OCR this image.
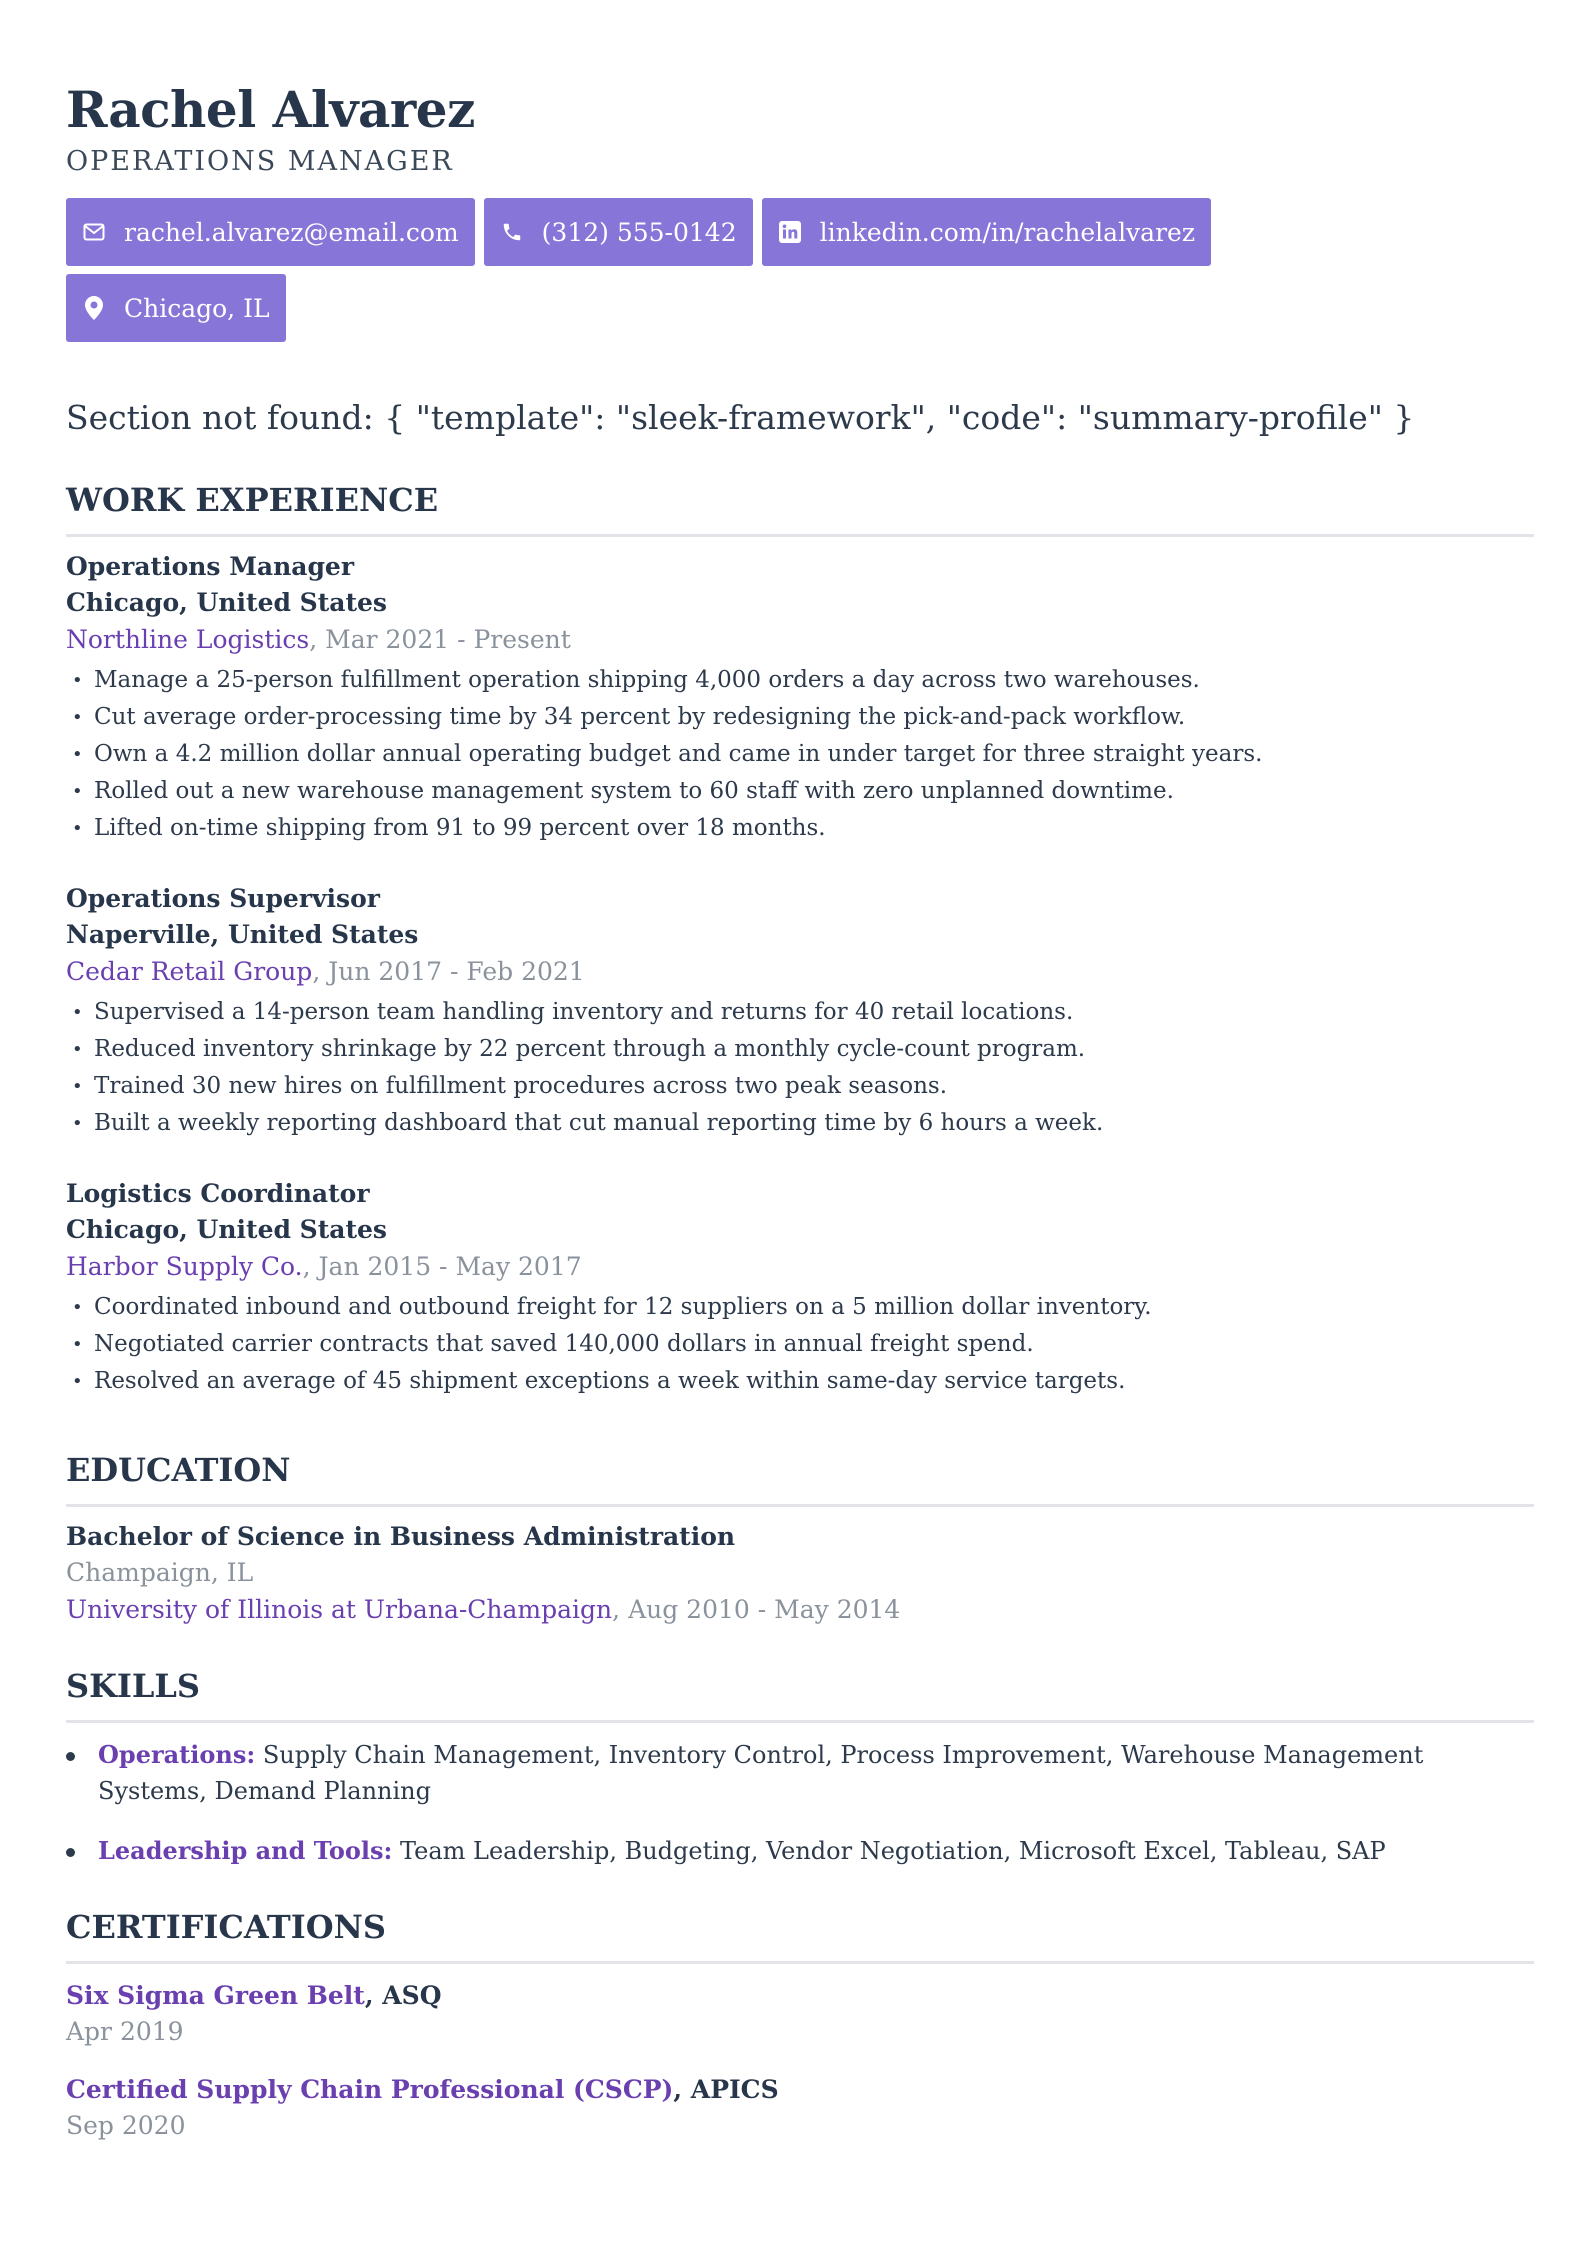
Rachel Alvarez
OPERATIONS MANAGER
rachel.alvarez@email.com	(312) 555-0142	linkedin.com/in/rachelalvarez
Chicago, IL
Section not found: { "template": "sleek-framework", "code": "summary-profile" }
WORK EXPERIENCE
Operations Manager
Chicago, United States
Northline Logistics, Mar 2021 - Present
• Manage a 25-person fulfillment operation shipping 4,000 orders a day across two warehouses.
• Cut average order-processing time by 34 percent by redesigning the pick-and-pack workflow.
• Own a 4.2 million dollar annual operating budget and came in under target for three straight years.
• Rolled out a new warehouse management system to 60 staff with zero unplanned downtime.
• Lifted on-time shipping from 91 to 99 percent over 18 months.
Operations Supervisor
Naperville, United States
Cedar Retail Group, Jun 2017 - Feb 2021
• Supervised a 14-person team handling inventory and returns for 40 retail locations.
• Reduced inventory shrinkage by 22 percent through a monthly cycle-count program.
• Trained 30 new hires on fulfillment procedures across two peak seasons.
• Built a weekly reporting dashboard that cut manual reporting time by 6 hours a week.
Logistics Coordinator
Chicago, United States
Harbor Supply Co., Jan 2015 - May 2017
• Coordinated inbound and outbound freight for 12 suppliers on a 5 million dollar inventory.
• Negotiated carrier contracts that saved 140,000 dollars in annual freight spend.
• Resolved an average of 45 shipment exceptions a week within same-day service targets.
EDUCATION
Bachelor of Science in Business Administration
Champaign, IL
University of Illinois at Urbana-Champaign, Aug 2010 - May 2014
SKILLS
Operations: Supply Chain Management, Inventory Control, Process Improvement, Warehouse Management Systems, Demand Planning
Leadership and Tools: Team Leadership, Budgeting, Vendor Negotiation, Microsoft Excel, Tableau, SAP
CERTIFICATIONS
Six Sigma Green Belt, ASQ
Apr 2019
Certified Supply Chain Professional (CSCP), APICS
Sep 2020
